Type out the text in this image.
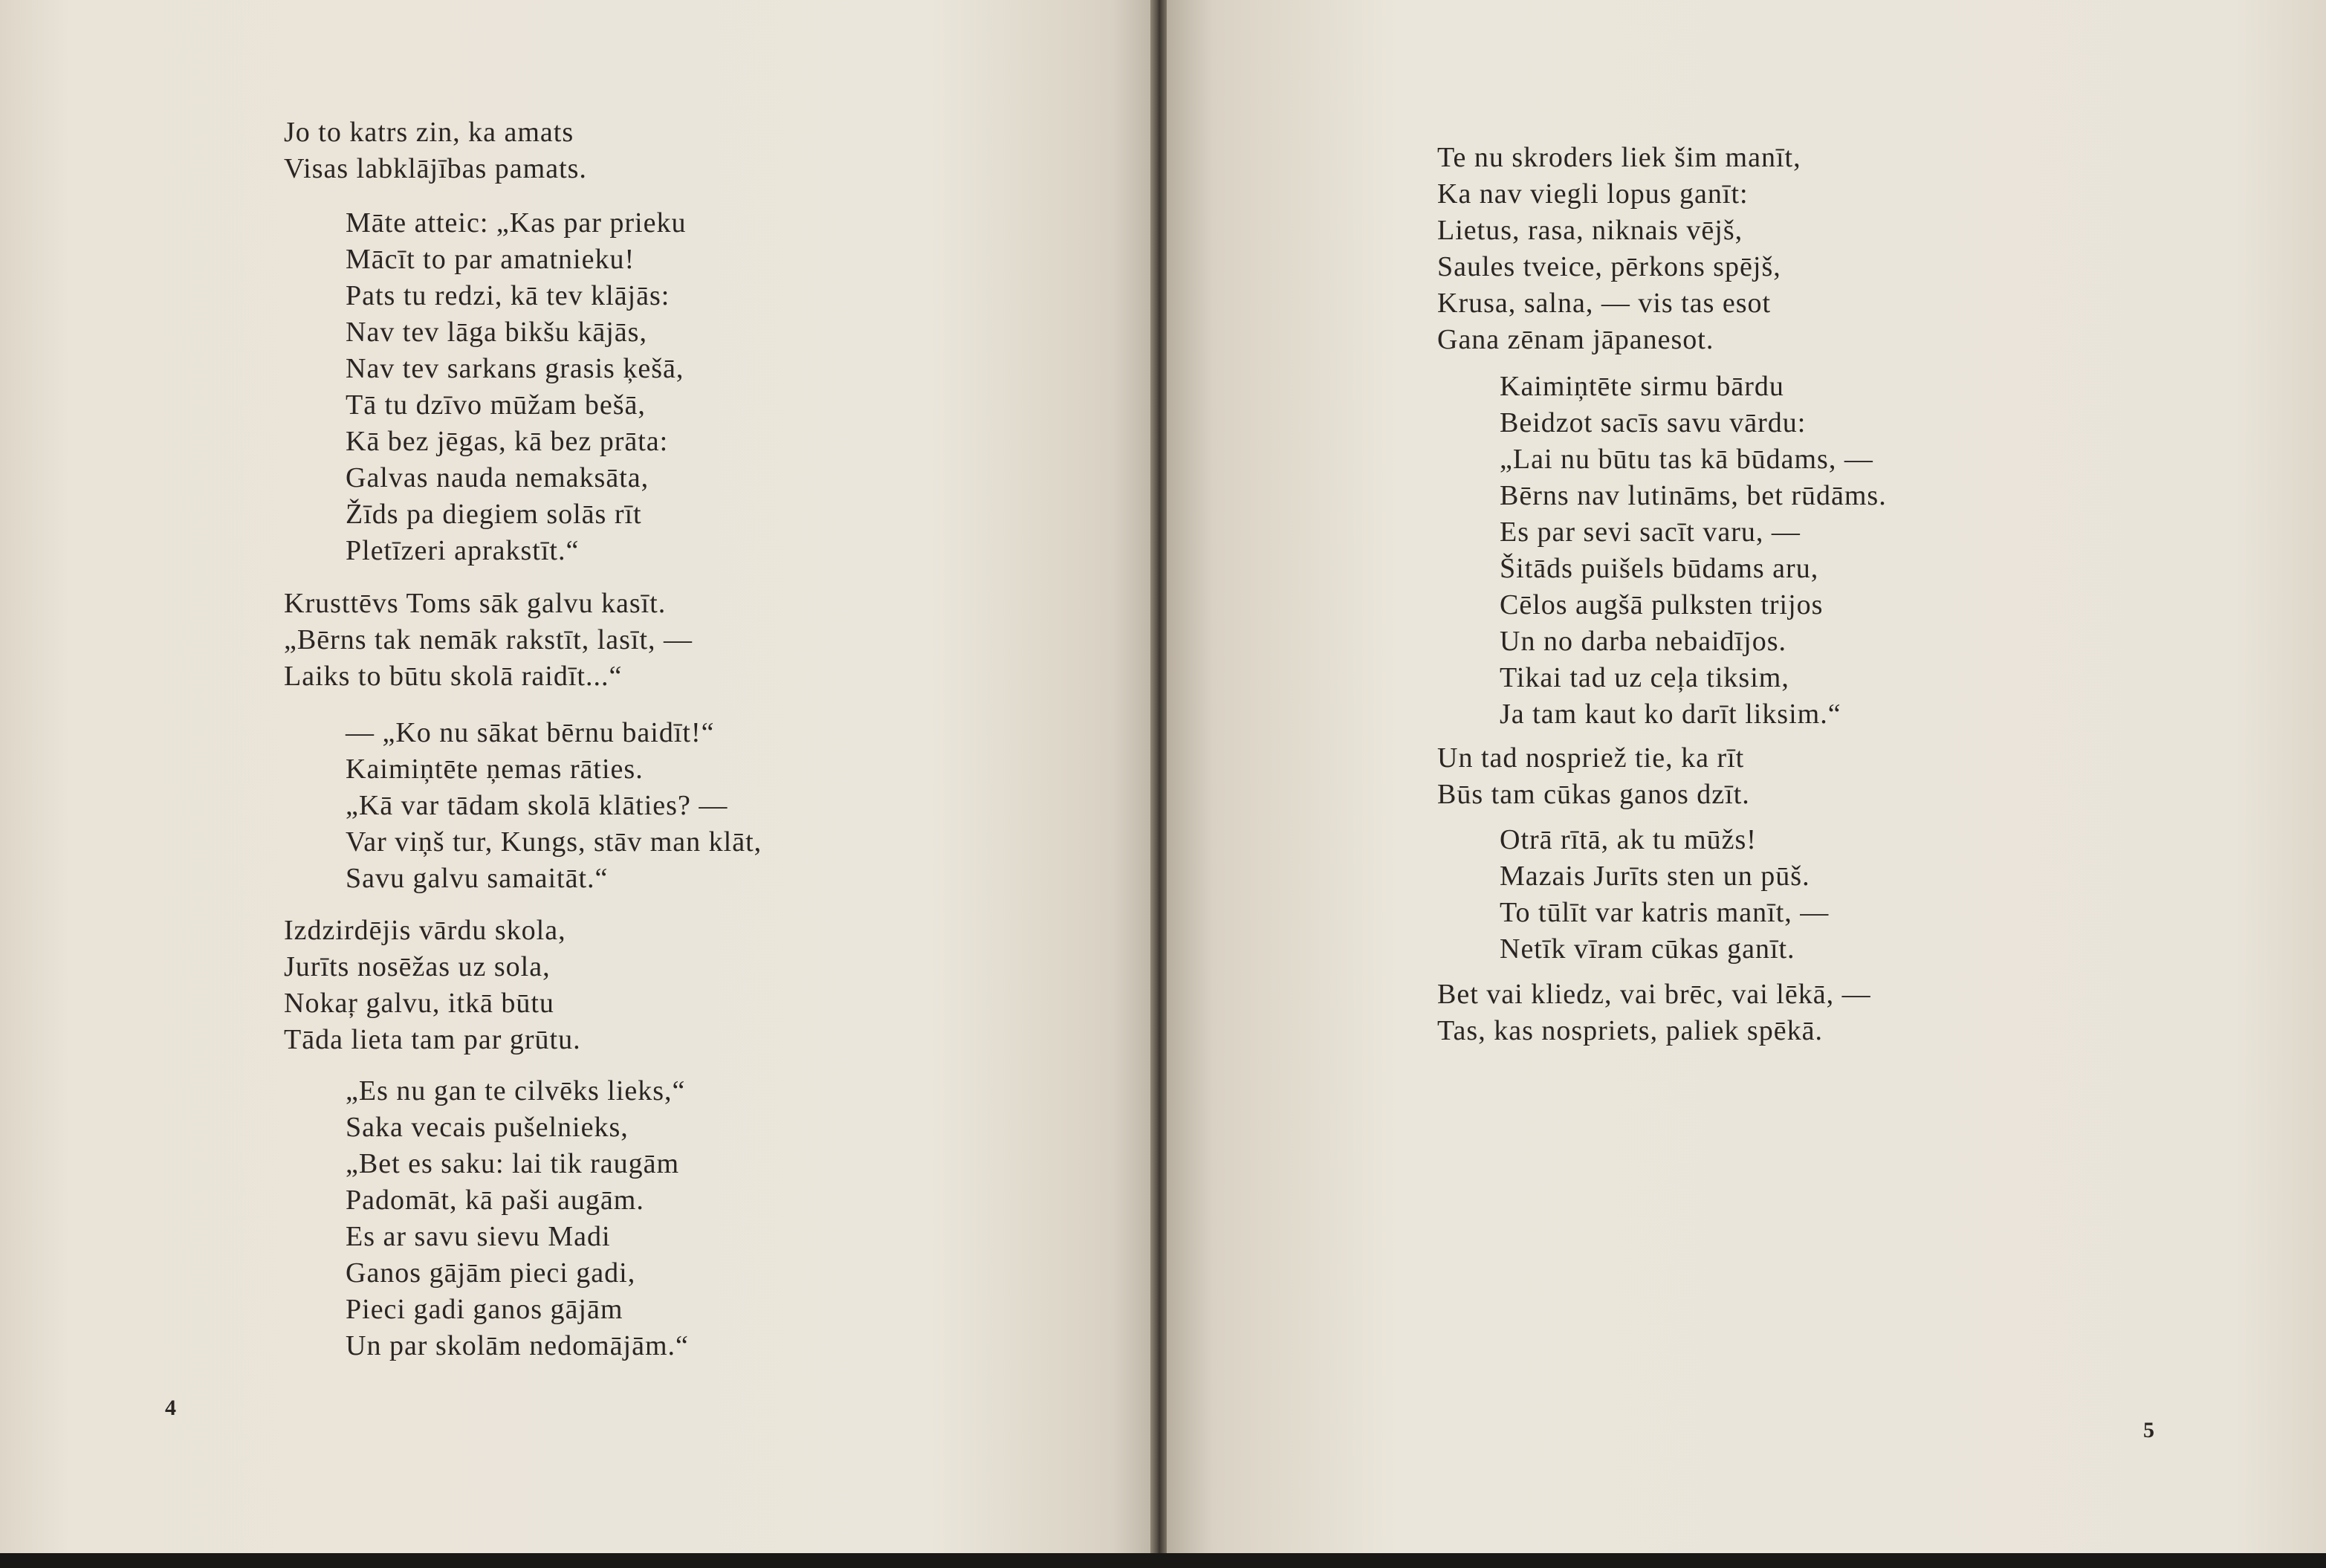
Jo to katrs zin, ka amats
Visas labklājības pamats.
Māte atteic: „Kas par prieku
Mācīt to par amatnieku!
Pats tu redzi, kā tev klājās:
Nav tev lāga bikšu kājās,
Nav tev sarkans grasis ķešā,
Tā tu dzīvo mūžam bešā,
Kā bez jēgas, kā bez prāta:
Galvas nauda nemaksāta,
Žīds pa diegiem solās rīt
Pletīzeri aprakstīt.“
Krusttēvs Toms sāk galvu kasīt.
„Bērns tak nemāk rakstīt, lasīt, —
Laiks to būtu skolā raidīt...“
— „Ko nu sākat bērnu baidīt!“
Kaimiņtēte ņemas rāties.
„Kā var tādam skolā klāties? —
Var viņš tur, Kungs, stāv man klāt,
Savu galvu samaitāt.“
Izdzirdējis vārdu skola,
Jurīts nosēžas uz sola,
Nokaŗ galvu, itkā būtu
Tāda lieta tam par grūtu.
„Es nu gan te cilvēks lieks,“
Saka vecais pušelnieks,
„Bet es saku: lai tik raugām
Padomāt, kā paši augām.
Es ar savu sievu Madi
Ganos gājām pieci gadi,
Pieci gadi ganos gājām
Un par skolām nedomājām.“
4
Te nu skroders liek šim manīt,
Ka nav viegli lopus ganīt:
Lietus, rasa, niknais vējš,
Saules tveice, pērkons spējš,
Krusa, salna, — vis tas esot
Gana zēnam jāpanesot.
Kaimiņtēte sirmu bārdu
Beidzot sacīs savu vārdu:
„Lai nu būtu tas kā būdams, —
Bērns nav lutināms, bet rūdāms.
Es par sevi sacīt varu, —
Šitāds puišels būdams aru,
Cēlos augšā pulksten trijos
Un no darba nebaidījos.
Tikai tad uz ceļa tiksim,
Ja tam kaut ko darīt liksim.“
Un tad nospriež tie, ka rīt
Būs tam cūkas ganos dzīt.
Otrā rītā, ak tu mūžs!
Mazais Jurīts sten un pūš.
To tūlīt var katris manīt, —
Netīk vīram cūkas ganīt.
Bet vai kliedz, vai brēc, vai lēkā, —
Tas, kas nospriets, paliek spēkā.
5
